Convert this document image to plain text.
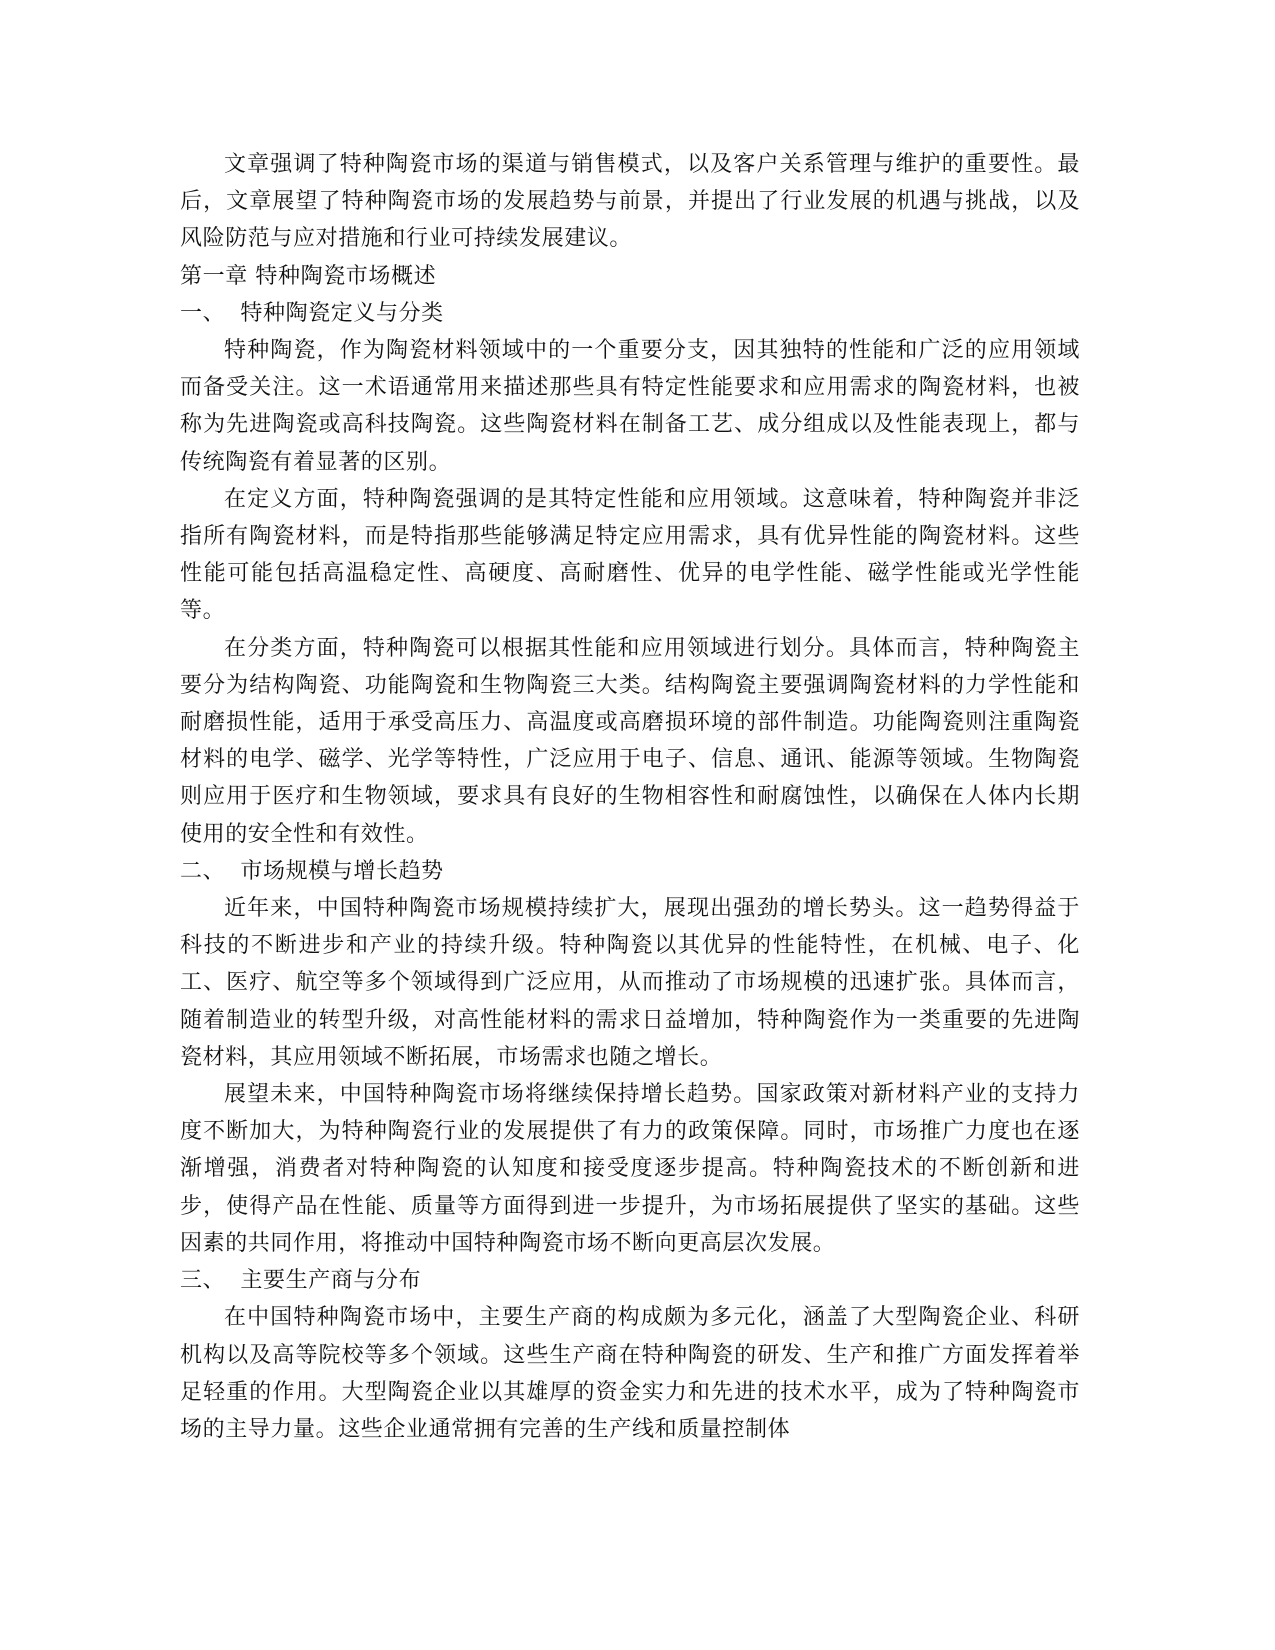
文章强调了特种陶瓷市场的渠道与销售模式，以及客户关系管理与维护的重要性。最后，文章展望了特种陶瓷市场的发展趋势与前景，并提出了行业发展的机遇与挑战，以及风险防范与应对措施和行业可持续发展建议。

第一章 特种陶瓷市场概述

一、  特种陶瓷定义与分类

特种陶瓷，作为陶瓷材料领域中的一个重要分支，因其独特的性能和广泛的应用领域而备受关注。这一术语通常用来描述那些具有特定性能要求和应用需求的陶瓷材料，也被称为先进陶瓷或高科技陶瓷。这些陶瓷材料在制备工艺、成分组成以及性能表现上，都与传统陶瓷有着显著的区别。

在定义方面，特种陶瓷强调的是其特定性能和应用领域。这意味着，特种陶瓷并非泛指所有陶瓷材料，而是特指那些能够满足特定应用需求，具有优异性能的陶瓷材料。这些性能可能包括高温稳定性、高硬度、高耐磨性、优异的电学性能、磁学性能或光学性能等。

在分类方面，特种陶瓷可以根据其性能和应用领域进行划分。具体而言，特种陶瓷主要分为结构陶瓷、功能陶瓷和生物陶瓷三大类。结构陶瓷主要强调陶瓷材料的力学性能和耐磨损性能，适用于承受高压力、高温度或高磨损环境的部件制造。功能陶瓷则注重陶瓷材料的电学、磁学、光学等特性，广泛应用于电子、信息、通讯、能源等领域。生物陶瓷则应用于医疗和生物领域，要求具有良好的生物相容性和耐腐蚀性，以确保在人体内长期使用的安全性和有效性。

二、  市场规模与增长趋势

近年来，中国特种陶瓷市场规模持续扩大，展现出强劲的增长势头。这一趋势得益于科技的不断进步和产业的持续升级。特种陶瓷以其优异的性能特性，在机械、电子、化工、医疗、航空等多个领域得到广泛应用，从而推动了市场规模的迅速扩张。具体而言，随着制造业的转型升级，对高性能材料的需求日益增加，特种陶瓷作为一类重要的先进陶瓷材料，其应用领域不断拓展，市场需求也随之增长。

展望未来，中国特种陶瓷市场将继续保持增长趋势。国家政策对新材料产业的支持力度不断加大，为特种陶瓷行业的发展提供了有力的政策保障。同时，市场推广力度也在逐渐增强，消费者对特种陶瓷的认知度和接受度逐步提高。特种陶瓷技术的不断创新和进步，使得产品在性能、质量等方面得到进一步提升，为市场拓展提供了坚实的基础。这些因素的共同作用，将推动中国特种陶瓷市场不断向更高层次发展。

三、  主要生产商与分布

在中国特种陶瓷市场中，主要生产商的构成颇为多元化，涵盖了大型陶瓷企业、科研机构以及高等院校等多个领域。这些生产商在特种陶瓷的研发、生产和推广方面发挥着举足轻重的作用。大型陶瓷企业以其雄厚的资金实力和先进的技术水平，成为了特种陶瓷市场的主导力量。这些企业通常拥有完善的生产线和质量控制体
